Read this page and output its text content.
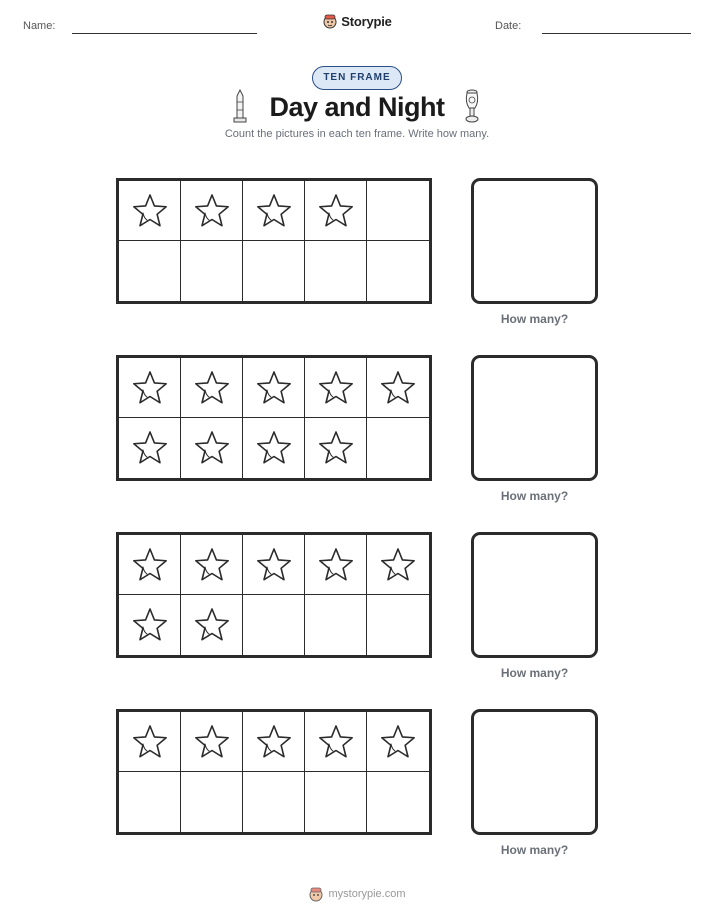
Name:	Storypie	Date:
TEN FRAME
Day and Night
Count the pictures in each ten frame. Write how many.
How many?
How many?
How many?
How many?
mystorypie.com
